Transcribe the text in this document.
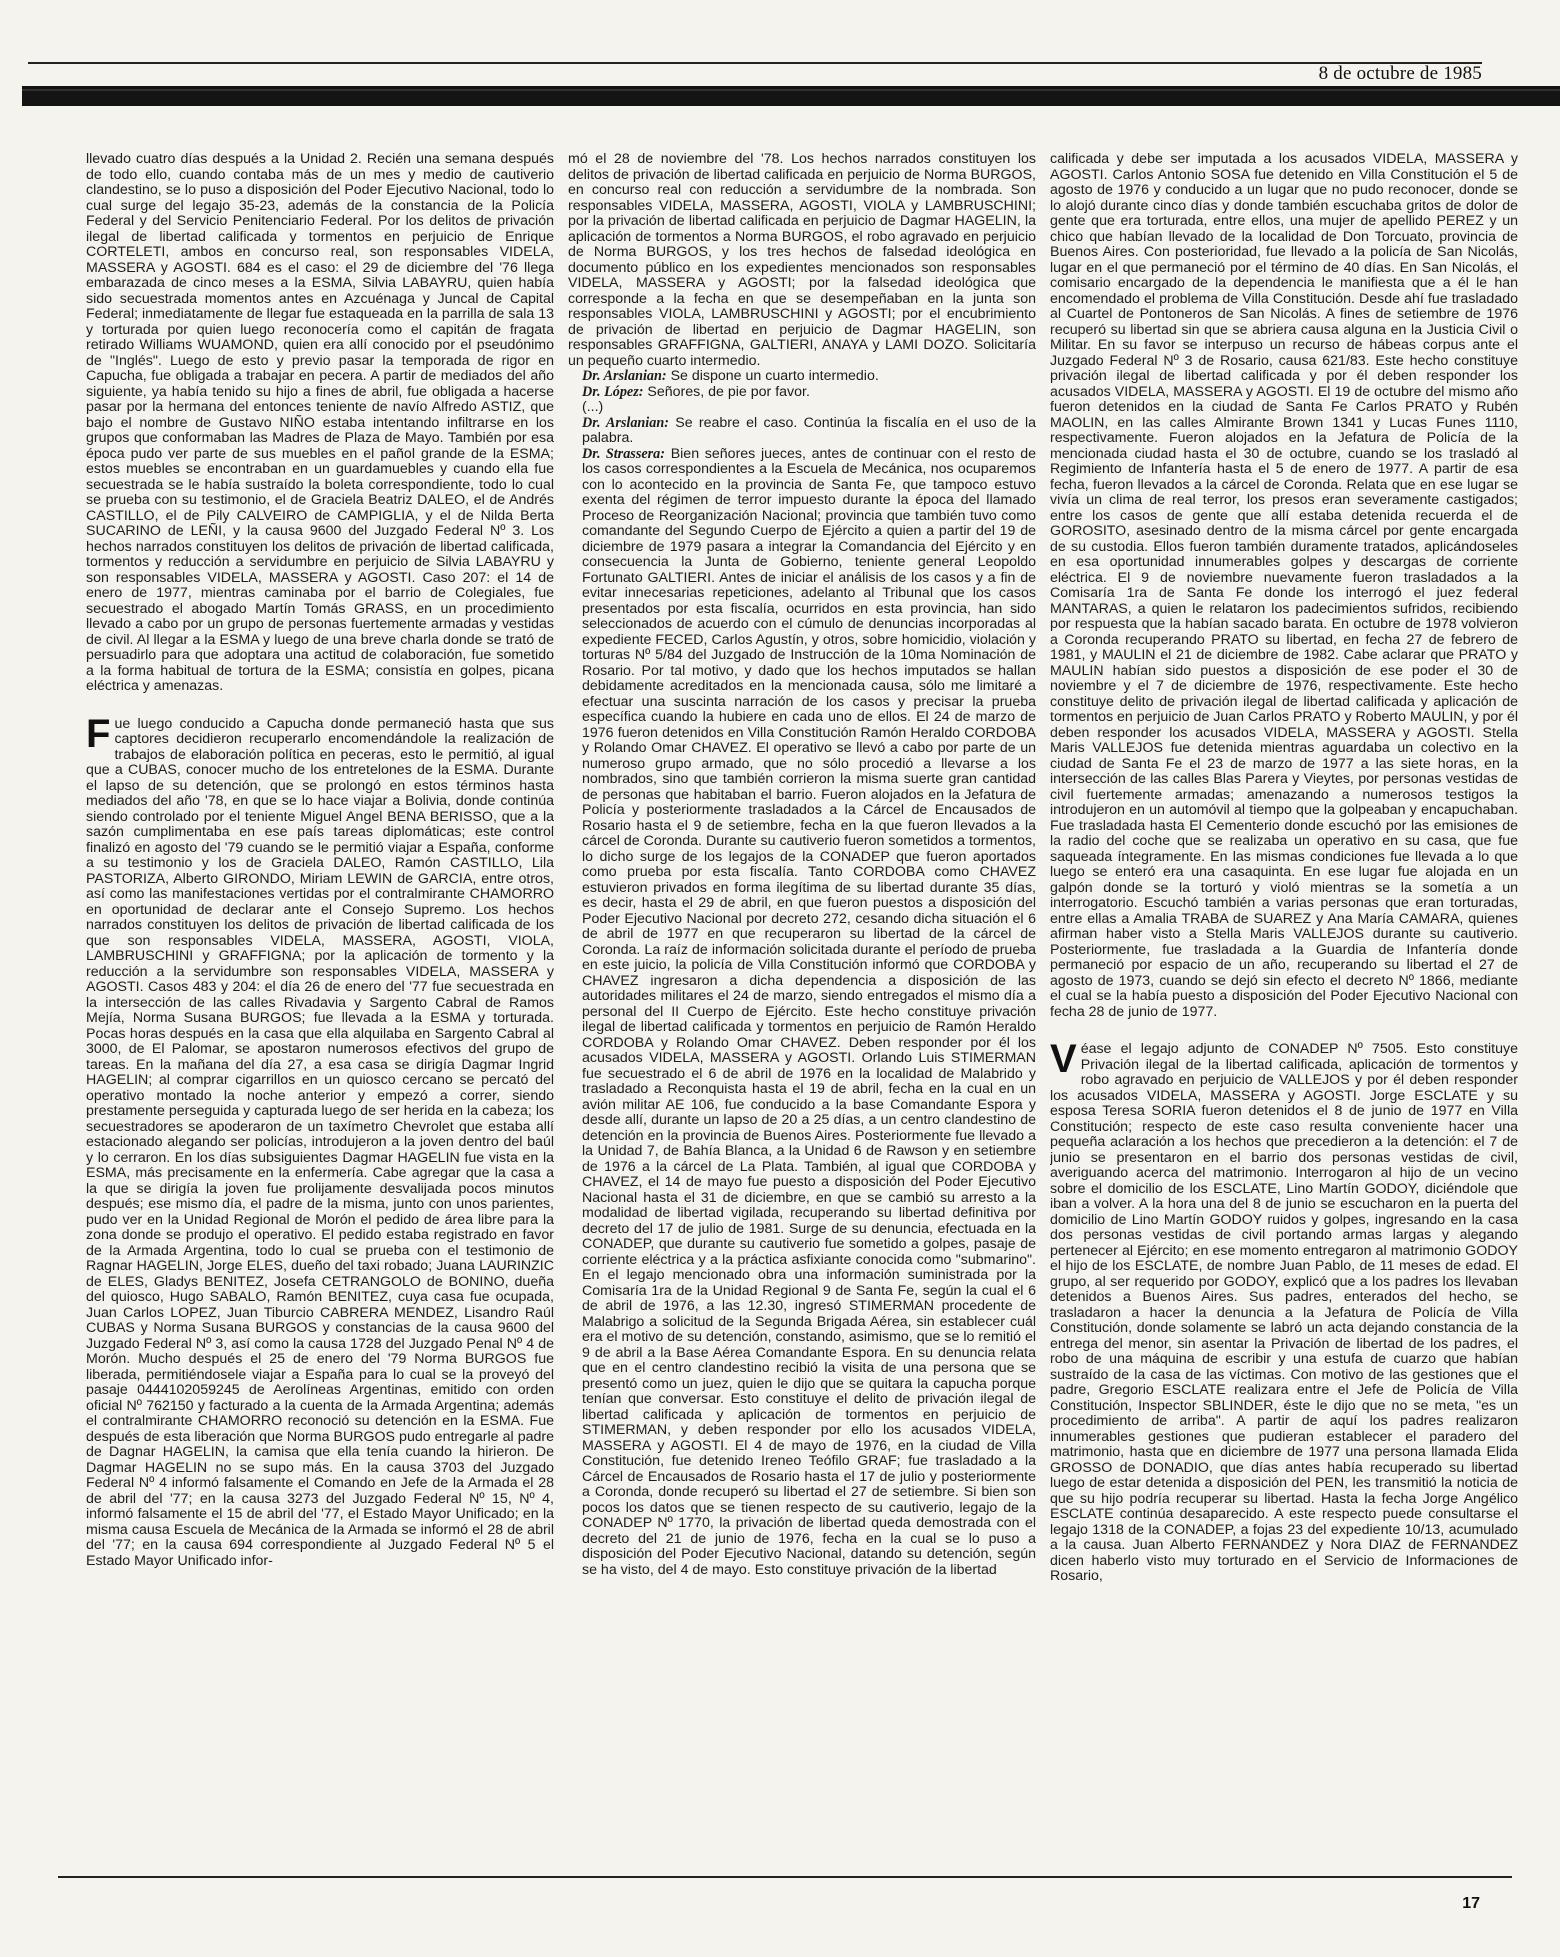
8 de octubre de 1985

llevado cuatro días después a la Unidad 2. Recién una semana después de todo ello, cuando contaba más de un mes y medio de cautiverio clandestino, se lo puso a disposición del Poder Ejecutivo Nacional, todo lo cual surge del legajo 35-23, además de la constancia de la Policía Federal y del Servicio Penitenciario Federal. Por los delitos de privación ilegal de libertad calificada y tormentos en perjuicio de Enrique CORTELETI, ambos en concurso real, son responsables VIDELA, MASSERA y AGOSTI. 684 es el caso: el 29 de diciembre del '76 llega embarazada de cinco meses a la ESMA, Silvia LABAYRU, quien había sido secuestrada momentos antes en Azcuénaga y Juncal de Capital Federal; inmediatamente de llegar fue estaqueada en la parrilla de sala 13 y torturada por quien luego reconocería como el capitán de fragata retirado Williams WUAMOND, quien era allí conocido por el pseudónimo de "Inglés". Luego de esto y previo pasar la temporada de rigor en Capucha, fue obligada a trabajar en pecera. A partir de mediados del año siguiente, ya había tenido su hijo a fines de abril, fue obligada a hacerse pasar por la hermana del entonces teniente de navío Alfredo ASTIZ, que bajo el nombre de Gustavo NIÑO estaba intentando infiltrarse en los grupos que conformaban las Madres de Plaza de Mayo. También por esa época pudo ver parte de sus muebles en el pañol grande de la ESMA; estos muebles se encontraban en un guardamuebles y cuando ella fue secuestrada se le había sustraído la boleta correspondiente, todo lo cual se prueba con su testimonio, el de Graciela Beatriz DALEO, el de Andrés CASTILLO, el de Pily CALVEIRO de CAMPIGLIA, y el de Nilda Berta SUCARINO de LEÑI, y la causa 9600 del Juzgado Federal Nº 3. Los hechos narrados constituyen los delitos de privación de libertad calificada, tormentos y reducción a servidumbre en perjuicio de Silvia LABAYRU y son responsables VIDELA, MASSERA y AGOSTI. Caso 207: el 14 de enero de 1977, mientras caminaba por el barrio de Colegiales, fue secuestrado el abogado Martín Tomás GRASS, en un procedimiento llevado a cabo por un grupo de personas fuertemente armadas y vestidas de civil. Al llegar a la ESMA y luego de una breve charla donde se trató de persuadirlo para que adoptara una actitud de colaboración, fue sometido a la forma habitual de tortura de la ESMA; consistía en golpes, picana eléctrica y amenazas.

Fue luego conducido a Capucha donde permaneció hasta que sus captores decidieron recuperarlo encomendándole la realización de trabajos de elaboración política en peceras, esto le permitió, al igual que a CUBAS, conocer mucho de los entretelones de la ESMA. Durante el lapso de su detención, que se prolongó en estos términos hasta mediados del año '78, en que se lo hace viajar a Bolivia, donde continúa siendo controlado por el teniente Miguel Angel BENA BERISSO, que a la sazón cumplimentaba en ese país tareas diplomáticas; este control finalizó en agosto del '79 cuando se le permitió viajar a España, conforme a su testimonio y los de Graciela DALEO, Ramón CASTILLO, Lila PASTORIZA, Alberto GIRONDO, Miriam LEWIN de GARCIA, entre otros, así como las manifestaciones vertidas por el contralmirante CHAMORRO en oportunidad de declarar ante el Consejo Supremo. Los hechos narrados constituyen los delitos de privación de libertad calificada de los que son responsables VIDELA, MASSERA, AGOSTI, VIOLA, LAMBRUSCHINI y GRAFFIGNA; por la aplicación de tormento y la reducción a la servidumbre son responsables VIDELA, MASSERA y AGOSTI. Casos 483 y 204: el día 26 de enero del '77 fue secuestrada en la intersección de las calles Rivadavia y Sargento Cabral de Ramos Mejía, Norma Susana BURGOS; fue llevada a la ESMA y torturada. Pocas horas después en la casa que ella alquilaba en Sargento Cabral al 3000, de El Palomar, se apostaron numerosos efectivos del grupo de tareas. En la mañana del día 27, a esa casa se dirigía Dagmar Ingrid HAGELIN; al comprar cigarrillos en un quiosco cercano se percató del operativo montado la noche anterior y empezó a correr, siendo prestamente perseguida y capturada luego de ser herida en la cabeza; los secuestradores se apoderaron de un taxímetro Chevrolet que estaba allí estacionado alegando ser policías, introdujeron a la joven dentro del baúl y lo cerraron. En los días subsiguientes Dagmar HAGELIN fue vista en la ESMA, más precisamente en la enfermería. Cabe agregar que la casa a la que se dirigía la joven fue prolijamente desvalijada pocos minutos después; ese mismo día, el padre de la misma, junto con unos parientes, pudo ver en la Unidad Regional de Morón el pedido de área libre para la zona donde se produjo el operativo. El pedido estaba registrado en favor de la Armada Argentina, todo lo cual se prueba con el testimonio de Ragnar HAGELIN, Jorge ELES, dueño del taxi robado; Juana LAURINZIC de ELES, Gladys BENITEZ, Josefa CETRANGOLO de BONINO, dueña del quiosco, Hugo SABALO, Ramón BENITEZ, cuya casa fue ocupada, Juan Carlos LOPEZ, Juan Tiburcio CABRERA MENDEZ, Lisandro Raúl CUBAS y Norma Susana BURGOS y constancias de la causa 9600 del Juzgado Federal Nº 3, así como la causa 1728 del Juzgado Penal Nº 4 de Morón. Mucho después el 25 de enero del '79 Norma BURGOS fue liberada, permitiéndosele viajar a España para lo cual se la proveyó del pasaje 0444102059245 de Aerolíneas Argentinas, emitido con orden oficial Nº 762150 y facturado a la cuenta de la Armada Argentina; además el contralmirante CHAMORRO reconoció su detención en la ESMA. Fue después de esta liberación que Norma BURGOS pudo entregarle al padre de Dagnar HAGELIN, la camisa que ella tenía cuando la hirieron. De Dagmar HAGELIN no se supo más. En la causa 3703 del Juzgado Federal Nº 4 informó falsamente el Comando en Jefe de la Armada el 28 de abril del '77; en la causa 3273 del Juzgado Federal Nº 15, Nº 4, informó falsamente el 15 de abril del '77, el Estado Mayor Unificado; en la misma causa Escuela de Mecánica de la Armada se informó el 28 de abril del '77; en la causa 694 correspondiente al Juzgado Federal Nº 5 el Estado Mayor Unificado infor-

mó el 28 de noviembre del '78. Los hechos narrados constituyen los delitos de privación de libertad calificada en perjuicio de Norma BURGOS, en concurso real con reducción a servidumbre de la nombrada. Son responsables VIDELA, MASSERA, AGOSTI, VIOLA y LAMBRUSCHINI; por la privación de libertad calificada en perjuicio de Dagmar HAGELIN, la aplicación de tormentos a Norma BURGOS, el robo agravado en perjuicio de Norma BURGOS, y los tres hechos de falsedad ideológica en documento público en los expedientes mencionados son responsables VIDELA, MASSERA y AGOSTI; por la falsedad ideológica que corresponde a la fecha en que se desempeñaban en la junta son responsables VIOLA, LAMBRUSCHINI y AGOSTI; por el encubrimiento de privación de libertad en perjuicio de Dagmar HAGELIN, son responsables GRAFFIGNA, GALTIERI, ANAYA y LAMI DOZO. Solicitaría un pequeño cuarto intermedio.

Dr. Arslanian: Se dispone un cuarto intermedio.

Dr. López: Señores, de pie por favor.

(...)

Dr. Arslanian: Se reabre el caso. Continúa la fiscalía en el uso de la palabra.

Dr. Strassera: Bien señores jueces, antes de continuar con el resto de los casos correspondientes a la Escuela de Mecánica, nos ocuparemos con lo acontecido en la provincia de Santa Fe, que tampoco estuvo exenta del régimen de terror impuesto durante la época del llamado Proceso de Reorganización Nacional; provincia que también tuvo como comandante del Segundo Cuerpo de Ejército a quien a partir del 19 de diciembre de 1979 pasara a integrar la Comandancia del Ejército y en consecuencia la Junta de Gobierno, teniente general Leopoldo Fortunato GALTIERI. Antes de iniciar el análisis de los casos y a fin de evitar innecesarias repeticiones, adelanto al Tribunal que los casos presentados por esta fiscalía, ocurridos en esta provincia, han sido seleccionados de acuerdo con el cúmulo de denuncias incorporadas al expediente FECED, Carlos Agustín, y otros, sobre homicidio, violación y torturas Nº 5/84 del Juzgado de Instrucción de la 10ma Nominación de Rosario. Por tal motivo, y dado que los hechos imputados se hallan debidamente acreditados en la mencionada causa, sólo me limitaré a efectuar una suscinta narración de los casos y precisar la prueba específica cuando la hubiere en cada uno de ellos. El 24 de marzo de 1976 fueron detenidos en Villa Constitución Ramón Heraldo CORDOBA y Rolando Omar CHAVEZ. El operativo se llevó a cabo por parte de un numeroso grupo armado, que no sólo procedió a llevarse a los nombrados, sino que también corrieron la misma suerte gran cantidad de personas que habitaban el barrio. Fueron alojados en la Jefatura de Policía y posteriormente trasladados a la Cárcel de Encausados de Rosario hasta el 9 de setiembre, fecha en la que fueron llevados a la cárcel de Coronda. Durante su cautiverio fueron sometidos a tormentos, lo dicho surge de los legajos de la CONADEP que fueron aportados como prueba por esta fiscalía. Tanto CORDOBA como CHAVEZ estuvieron privados en forma ilegítima de su libertad durante 35 días, es decir, hasta el 29 de abril, en que fueron puestos a disposición del Poder Ejecutivo Nacional por decreto 272, cesando dicha situación el 6 de abril de 1977 en que recuperaron su libertad de la cárcel de Coronda. La raíz de información solicitada durante el período de prueba en este juicio, la policía de Villa Constitución informó que CORDOBA y CHAVEZ ingresaron a dicha dependencia a disposición de las autoridades militares el 24 de marzo, siendo entregados el mismo día a personal del II Cuerpo de Ejército. Este hecho constituye privación ilegal de libertad calificada y tormentos en perjuicio de Ramón Heraldo CORDOBA y Rolando Omar CHAVEZ. Deben responder por él los acusados VIDELA, MASSERA y AGOSTI. Orlando Luis STIMERMAN fue secuestrado el 6 de abril de 1976 en la localidad de Malabrido y trasladado a Reconquista hasta el 19 de abril, fecha en la cual en un avión militar AE 106, fue conducido a la base Comandante Espora y desde allí, durante un lapso de 20 a 25 días, a un centro clandestino de detención en la provincia de Buenos Aires. Posteriormente fue llevado a la Unidad 7, de Bahía Blanca, a la Unidad 6 de Rawson y en setiembre de 1976 a la cárcel de La Plata. También, al igual que CORDOBA y CHAVEZ, el 14 de mayo fue puesto a disposición del Poder Ejecutivo Nacional hasta el 31 de diciembre, en que se cambió su arresto a la modalidad de libertad vigilada, recuperando su libertad definitiva por decreto del 17 de julio de 1981. Surge de su denuncia, efectuada en la CONADEP, que durante su cautiverio fue sometido a golpes, pasaje de corriente eléctrica y a la práctica asfixiante conocida como "submarino". En el legajo mencionado obra una información suministrada por la Comisaría 1ra de la Unidad Regional 9 de Santa Fe, según la cual el 6 de abril de 1976, a las 12.30, ingresó STIMERMAN procedente de Malabrigo a solicitud de la Segunda Brigada Aérea, sin establecer cuál era el motivo de su detención, constando, asimismo, que se lo remitió el 9 de abril a la Base Aérea Comandante Espora. En su denuncia relata que en el centro clandestino recibió la visita de una persona que se presentó como un juez, quien le dijo que se quitara la capucha porque tenían que conversar. Esto constituye el delito de privación ilegal de libertad calificada y aplicación de tormentos en perjuicio de STIMERMAN, y deben responder por ello los acusados VIDELA, MASSERA y AGOSTI. El 4 de mayo de 1976, en la ciudad de Villa Constitución, fue detenido Ireneo Teófilo GRAF; fue trasladado a la Cárcel de Encausados de Rosario hasta el 17 de julio y posteriormente a Coronda, donde recuperó su libertad el 27 de setiembre. Si bien son pocos los datos que se tienen respecto de su cautiverio, legajo de la CONADEP Nº 1770, la privación de libertad queda demostrada con el decreto del 21 de junio de 1976, fecha en la cual se lo puso a disposición del Poder Ejecutivo Nacional, datando su detención, según se ha visto, del 4 de mayo. Esto constituye privación de la libertad

calificada y debe ser imputada a los acusados VIDELA, MASSERA y AGOSTI. Carlos Antonio SOSA fue detenido en Villa Constitución el 5 de agosto de 1976 y conducido a un lugar que no pudo reconocer, donde se lo alojó durante cinco días y donde también escuchaba gritos de dolor de gente que era torturada, entre ellos, una mujer de apellido PEREZ y un chico que habían llevado de la localidad de Don Torcuato, provincia de Buenos Aires. Con posterioridad, fue llevado a la policía de San Nicolás, lugar en el que permaneció por el término de 40 días. En San Nicolás, el comisario encargado de la dependencia le manifiesta que a él le han encomendado el problema de Villa Constitución. Desde ahí fue trasladado al Cuartel de Pontoneros de San Nicolás. A fines de setiembre de 1976 recuperó su libertad sin que se abriera causa alguna en la Justicia Civil o Militar. En su favor se interpuso un recurso de hábeas corpus ante el Juzgado Federal Nº 3 de Rosario, causa 621/83. Este hecho constituye privación ilegal de libertad calificada y por él deben responder los acusados VIDELA, MASSERA y AGOSTI. El 19 de octubre del mismo año fueron detenidos en la ciudad de Santa Fe Carlos PRATO y Rubén MAOLIN, en las calles Almirante Brown 1341 y Lucas Funes 1110, respectivamente. Fueron alojados en la Jefatura de Policía de la mencionada ciudad hasta el 30 de octubre, cuando se los trasladó al Regimiento de Infantería hasta el 5 de enero de 1977. A partir de esa fecha, fueron llevados a la cárcel de Coronda. Relata que en ese lugar se vivía un clima de real terror, los presos eran severamente castigados; entre los casos de gente que allí estaba detenida recuerda el de GOROSITO, asesinado dentro de la misma cárcel por gente encargada de su custodia. Ellos fueron también duramente tratados, aplicándoseles en esa oportunidad innumerables golpes y descargas de corriente eléctrica. El 9 de noviembre nuevamente fueron trasladados a la Comisaría 1ra de Santa Fe donde los interrogó el juez federal MANTARAS, a quien le relataron los padecimientos sufridos, recibiendo por respuesta que la habían sacado barata. En octubre de 1978 volvieron a Coronda recuperando PRATO su libertad, en fecha 27 de febrero de 1981, y MAULIN el 21 de diciembre de 1982. Cabe aclarar que PRATO y MAULIN habían sido puestos a disposición de ese poder el 30 de noviembre y el 7 de diciembre de 1976, respectivamente. Este hecho constituye delito de privación ilegal de libertad calificada y aplicación de tormentos en perjuicio de Juan Carlos PRATO y Roberto MAULIN, y por él deben responder los acusados VIDELA, MASSERA y AGOSTI. Stella Maris VALLEJOS fue detenida mientras aguardaba un colectivo en la ciudad de Santa Fe el 23 de marzo de 1977 a las siete horas, en la intersección de las calles Blas Parera y Vieytes, por personas vestidas de civil fuertemente armadas; amenazando a numerosos testigos la introdujeron en un automóvil al tiempo que la golpeaban y encapuchaban. Fue trasladada hasta El Cementerio donde escuchó por las emisiones de la radio del coche que se realizaba un operativo en su casa, que fue saqueada íntegramente. En las mismas condiciones fue llevada a lo que luego se enteró era una casaquinta. En ese lugar fue alojada en un galpón donde se la torturó y violó mientras se la sometía a un interrogatorio. Escuchó también a varias personas que eran torturadas, entre ellas a Amalia TRABA de SUAREZ y Ana María CAMARA, quienes afirman haber visto a Stella Maris VALLEJOS durante su cautiverio. Posteriormente, fue trasladada a la Guardia de Infantería donde permaneció por espacio de un año, recuperando su libertad el 27 de agosto de 1973, cuando se dejó sin efecto el decreto Nº 1866, mediante el cual se la había puesto a disposición del Poder Ejecutivo Nacional con fecha 28 de junio de 1977.

Véase el legajo adjunto de CONADEP Nº 7505. Esto constituye Privación ilegal de la libertad calificada, aplicación de tormentos y robo agravado en perjuicio de VALLEJOS y por él deben responder los acusados VIDELA, MASSERA y AGOSTI. Jorge ESCLATE y su esposa Teresa SORIA fueron detenidos el 8 de junio de 1977 en Villa Constitución; respecto de este caso resulta conveniente hacer una pequeña aclaración a los hechos que precedieron a la detención: el 7 de junio se presentaron en el barrio dos personas vestidas de civil, averiguando acerca del matrimonio. Interrogaron al hijo de un vecino sobre el domicilio de los ESCLATE, Lino Martín GODOY, diciéndole que iban a volver. A la hora una del 8 de junio se escucharon en la puerta del domicilio de Lino Martín GODOY ruidos y golpes, ingresando en la casa dos personas vestidas de civil portando armas largas y alegando pertenecer al Ejército; en ese momento entregaron al matrimonio GODOY el hijo de los ESCLATE, de nombre Juan Pablo, de 11 meses de edad. El grupo, al ser requerido por GODOY, explicó que a los padres los llevaban detenidos a Buenos Aires. Sus padres, enterados del hecho, se trasladaron a hacer la denuncia a la Jefatura de Policía de Villa Constitución, donde solamente se labró un acta dejando constancia de la entrega del menor, sin asentar la Privación de libertad de los padres, el robo de una máquina de escribir y una estufa de cuarzo que habían sustraído de la casa de las víctimas. Con motivo de las gestiones que el padre, Gregorio ESCLATE realizara entre el Jefe de Policía de Villa Constitución, Inspector SBLINDER, éste le dijo que no se meta, "es un procedimiento de arriba". A partir de aquí los padres realizaron innumerables gestiones que pudieran establecer el paradero del matrimonio, hasta que en diciembre de 1977 una persona llamada Elida GROSSO de DONADIO, que días antes había recuperado su libertad luego de estar detenida a disposición del PEN, les transmitió la noticia de que su hijo podría recuperar su libertad. Hasta la fecha Jorge Angélico ESCLATE continúa desaparecido. A este respecto puede consultarse el legajo 1318 de la CONADEP, a fojas 23 del expediente 10/13, acumulado a la causa. Juan Alberto FERNANDEZ y Nora DIAZ de FERNANDEZ dicen haberlo visto muy torturado en el Servicio de Informaciones de Rosario,

17
